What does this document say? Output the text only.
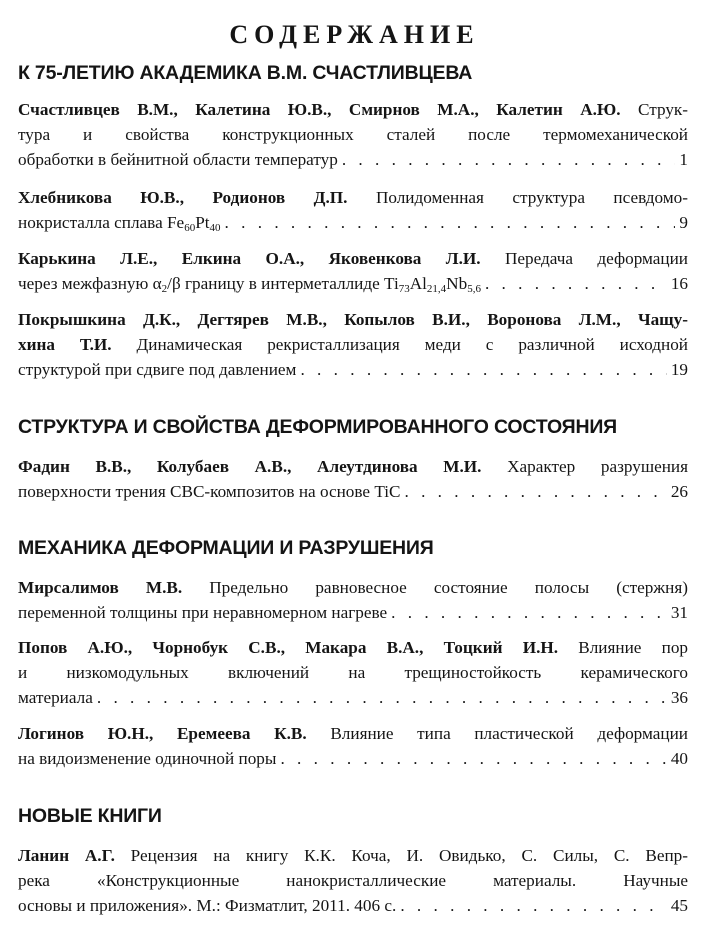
СОДЕРЖАНИЕ
К 75-ЛЕТИЮ АКАДЕМИКА В.М. СЧАСТЛИВЦЕВА
Счастливцев В.М., Калетина Ю.В., Смирнов М.А., Калетин А.Ю. Струк-
тура и свойства конструкционных сталей после термомеханической
обработки в бейнитной области температур . . .	1
Хлебникова Ю.В., Родионов Д.П. Полидоменная структура псевдомо-
нокристалла сплава $Fe_{60}Pt_{40}$ . . .	9
Карькина Л.Е., Елкина О.А., Яковенкова Л.И. Передача деформации
через межфазную $\alpha_2/\beta$ границу в интерметаллиде $Ti_{73}Al_{21,4}Nb_{5,6}$ . . .	16
Покрышкина Д.К., Дегтярев М.В., Копылов В.И., Воронова Л.М., Чащу-
хина Т.И. Динамическая рекристаллизация меди с различной исходной
структурой при сдвиге под давлением . . .	19
СТРУКТУРА И СВОЙСТВА ДЕФОРМИРОВАННОГО СОСТОЯНИЯ
Фадин В.В., Колубаев А.В., Алеутдинова М.И. Характер разрушения
поверхности трения СВС-композитов на основе TiC . . .	26
МЕХАНИКА ДЕФОРМАЦИИ И РАЗРУШЕНИЯ
Мирсалимов М.В. Предельно равновесное состояние полосы (стержня)
переменной толщины при неравномерном нагреве . . .	31
Попов А.Ю., Чорнобук С.В., Макара В.А., Тоцкий И.Н. Влияние пор
и низкомодульных включений на трещиностойкость керамического
материала . . .	36
Логинов Ю.Н., Еремеева К.В. Влияние типа пластической деформации
на видоизменение одиночной поры . . .	40
НОВЫЕ КНИГИ
Ланин А.Г. Рецензия на книгу К.К. Коча, И. Овидько, С. Силы, С. Вепр-
река «Конструкционные нанокристаллические материалы. Научные
основы и приложения». М.: Физматлит, 2011. 406 с. . . .	45
